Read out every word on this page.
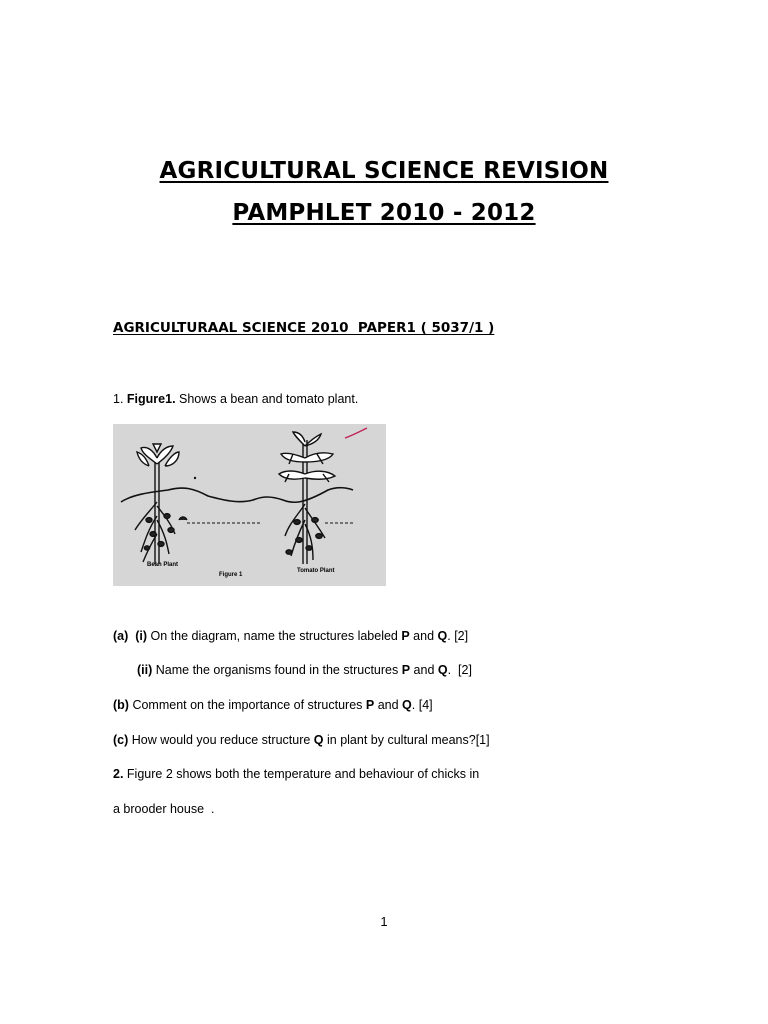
AGRICULTURAL SCIENCE REVISION
PAMPHLET 2010 - 2012
AGRICULTURAAL SCIENCE 2010  PAPER1 ( 5037/1 )
1. Figure1. Shows a bean and tomato plant.
Bean Plant
Tomato Plant
Figure 1
(a) (i) On the diagram, name the structures labeled P and Q. [2]
(ii) Name the organisms found in the structures P and Q.  [2]
(b) Comment on the importance of structures P and Q. [4]
(c) How would you reduce structure Q in plant by cultural means?[1]
2. Figure 2 shows both the temperature and behaviour of chicks in
a brooder house  .
1
